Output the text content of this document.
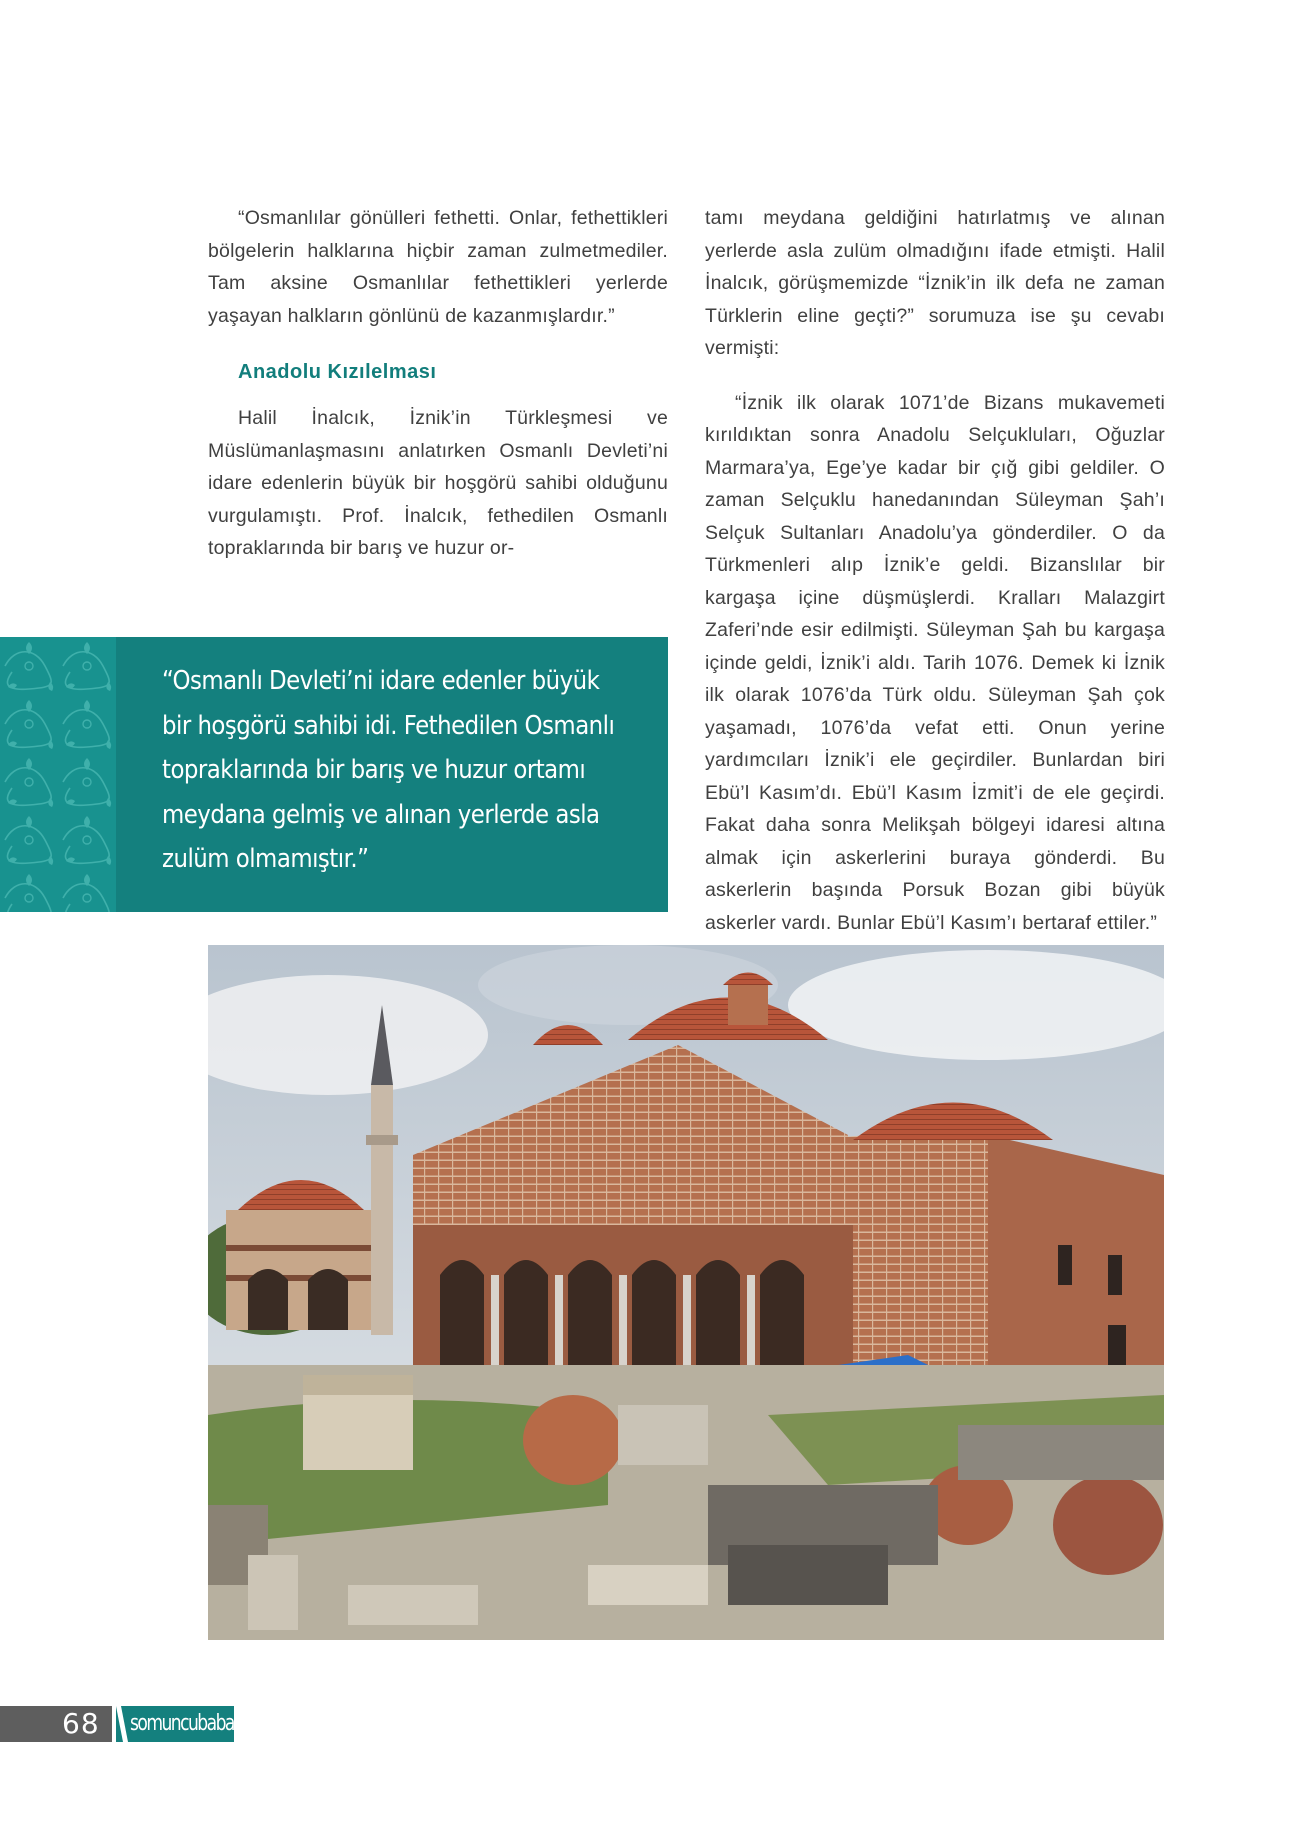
“Osmanlılar gönülleri fethetti. Onlar, fethettikleri bölgelerin halklarına hiçbir zaman zulmetmediler. Tam aksine Osmanlılar fethettikleri yerlerde yaşayan halkların gönlünü de kazanmışlardır.”

Anadolu Kızılelması

Halil İnalcık, İznik’in Türkleşmesi ve Müslümanlaşmasını anlatırken Osmanlı Devleti’ni idare edenlerin büyük bir hoşgörü sahibi olduğunu vurgulamıştı. Prof. İnalcık, fethedilen Osmanlı topraklarında bir barış ve huzur or-

tamı meydana geldiğini hatırlatmış ve alınan yerlerde asla zulüm olmadığını ifade etmişti. Halil İnalcık, görüşmemizde “İznik’in ilk defa ne zaman Türklerin eline geçti?” sorumuza ise şu cevabı vermişti:

“İznik ilk olarak 1071’de Bizans mukavemeti kırıldıktan sonra Anadolu Selçukluları, Oğuzlar Marmara’ya, Ege’ye kadar bir çığ gibi geldiler. O zaman Selçuklu hanedanından Süleyman Şah’ı Selçuk Sultanları Anadolu’ya gönderdiler. O da Türkmenleri alıp İznik’e geldi. Bizanslılar bir kargaşa içine düşmüşlerdi. Kralları Malazgirt Zaferi’nde esir edilmişti. Süleyman Şah bu kargaşa içinde geldi, İznik’i aldı. Tarih 1076. Demek ki İznik ilk olarak 1076’da Türk oldu. Süleyman Şah çok yaşamadı, 1076’da vefat etti. Onun yerine yardımcıları İznik’i ele geçirdiler. Bunlardan biri Ebü’l Kasım’dı. Ebü’l Kasım İzmit’i de ele geçirdi. Fakat daha sonra Melikşah bölgeyi idaresi altına almak için askerlerini buraya gönderdi. Bu askerlerin başında Porsuk Bozan gibi büyük askerler vardı. Bunlar Ebü’l Kasım’ı bertaraf ettiler.”

“Osmanlı Devleti’ni idare edenler büyük
bir hoşgörü sahibi idi. Fethedilen Osmanlı
topraklarında bir barış ve huzur ortamı
meydana gelmiş ve alınan yerlerde asla
zulüm olmamıştır.”
68	somuncubaba
